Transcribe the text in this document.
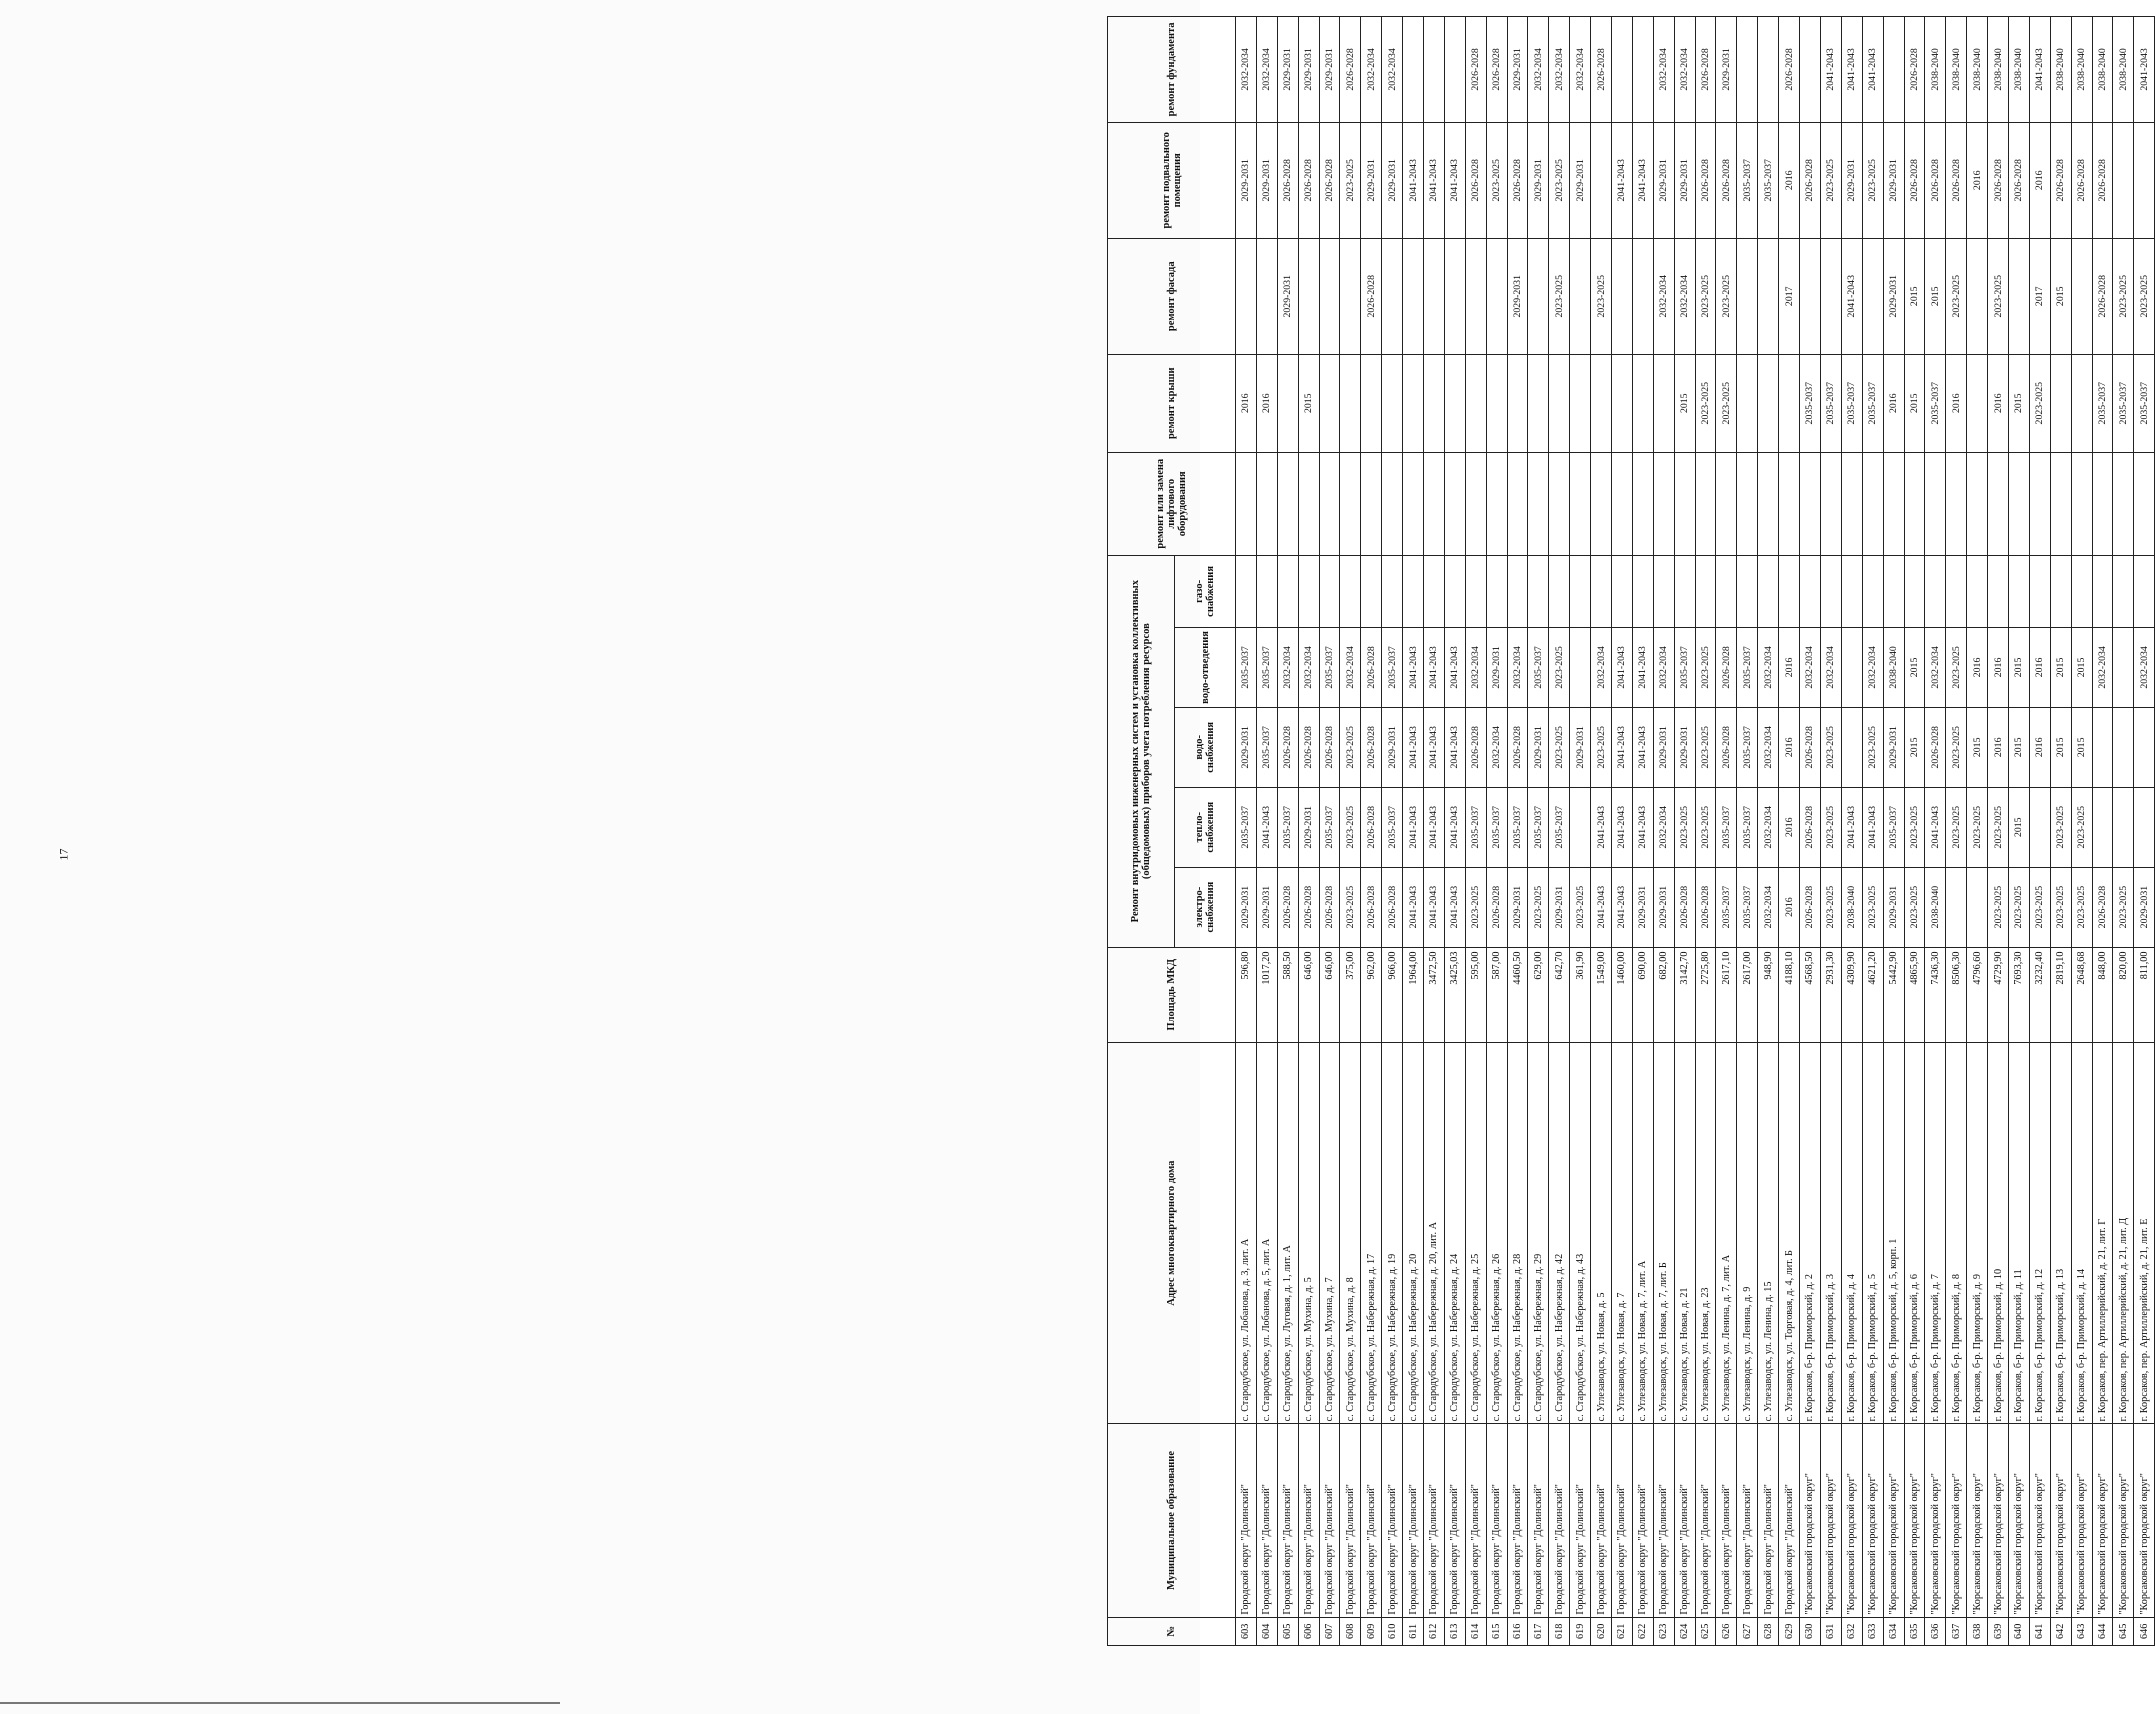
17
№	Муниципальное образование	Адрес многоквартирного дома	Площадь МКД	Ремонт внутридомовых инженерных систем и установка коллективных (общедомовых) приборов учета потребления ресурсов					ремонт или замена лифтового оборудования	ремонт крыши	ремонт фасада	ремонт подвального помещения	ремонт фундамента

				электро-снабжения	тепло-снабжения	водо-снабжения	водо-отведения	газо-снабжения					
603	Городской округ "Долинский"	с. Стародубское, ул. Лобанова, д. 3, лит. А	596,80	2029-2031	2035-2037	2029-2031	2035-2037			2016		2029-2031	2032-2034
604	Городской округ "Долинский"	с. Стародубское, ул. Лобанова, д. 5, лит. А	1017,20	2029-2031	2041-2043	2035-2037	2035-2037			2016		2029-2031	2032-2034
605	Городской округ "Долинский"	с. Стародубское, ул. Луговая, д. 1, лит. А	588,50	2026-2028	2035-2037	2026-2028	2032-2034				2029-2031	2026-2028	2029-2031
606	Городской округ "Долинский"	с. Стародубское, ул. Мухина, д. 5	646,00	2026-2028	2029-2031	2026-2028	2032-2034			2015		2026-2028	2029-2031
607	Городской округ "Долинский"	с. Стародубское, ул. Мухина, д. 7	646,00	2026-2028	2035-2037	2026-2028	2035-2037					2026-2028	2029-2031
608	Городской округ "Долинский"	с. Стародубское, ул. Мухина, д. 8	375,00	2023-2025	2023-2025	2023-2025	2032-2034					2023-2025	2026-2028
609	Городской округ "Долинский"	с. Стародубское, ул. Набережная, д. 17	962,00	2026-2028	2026-2028	2026-2028	2026-2028				2026-2028	2029-2031	2032-2034
610	Городской округ "Долинский"	с. Стародубское, ул. Набережная, д. 19	966,00	2026-2028	2035-2037	2029-2031	2035-2037					2029-2031	2032-2034
611	Городской округ "Долинский"	с. Стародубское, ул. Набережная, д. 20	1964,00	2041-2043	2041-2043	2041-2043	2041-2043					2041-2043	
612	Городской округ "Долинский"	с. Стародубское, ул. Набережная, д. 20, лит. А	3472,50	2041-2043	2041-2043	2041-2043	2041-2043					2041-2043	
613	Городской округ "Долинский"	с. Стародубское, ул. Набережная, д. 24	3425,03	2041-2043	2041-2043	2041-2043	2041-2043					2041-2043	
614	Городской округ "Долинский"	с. Стародубское, ул. Набережная, д. 25	595,00	2023-2025	2035-2037	2026-2028	2032-2034					2026-2028	2026-2028
615	Городской округ "Долинский"	с. Стародубское, ул. Набережная, д. 26	587,00	2026-2028	2035-2037	2032-2034	2029-2031					2023-2025	2026-2028
616	Городской округ "Долинский"	с. Стародубское, ул. Набережная, д. 28	4460,50	2029-2031	2035-2037	2026-2028	2032-2034				2029-2031	2026-2028	2029-2031
617	Городской округ "Долинский"	с. Стародубское, ул. Набережная, д. 29	629,00	2023-2025	2035-2037	2029-2031	2035-2037					2029-2031	2032-2034
618	Городской округ "Долинский"	с. Стародубское, ул. Набережная, д. 42	642,70	2029-2031	2035-2037	2023-2025	2023-2025				2023-2025	2023-2025	2032-2034
619	Городской округ "Долинский"	с. Стародубское, ул. Набережная, д. 43	361,90	2023-2025		2029-2031						2029-2031	2032-2034
620	Городской округ "Долинский"	с. Углезаводск, ул. Новая, д. 5	1549,00	2041-2043	2041-2043	2023-2025	2032-2034				2023-2025		2026-2028
621	Городской округ "Долинский"	с. Углезаводск, ул. Новая, д. 7	1460,00	2041-2043	2041-2043	2041-2043	2041-2043					2041-2043	
622	Городской округ "Долинский"	с. Углезаводск, ул. Новая, д. 7, лит. А	690,00	2029-2031	2041-2043	2041-2043	2041-2043					2041-2043	
623	Городской округ "Долинский"	с. Углезаводск, ул. Новая, д. 7, лит. Б	682,00	2029-2031	2032-2034	2029-2031	2032-2034				2032-2034	2029-2031	2032-2034
624	Городской округ "Долинский"	с. Углезаводск, ул. Новая, д. 21	3142,70	2026-2028	2023-2025	2029-2031	2035-2037			2015	2032-2034	2029-2031	2032-2034
625	Городской округ "Долинский"	с. Углезаводск, ул. Новая, д. 23	2725,80	2026-2028	2023-2025	2023-2025	2023-2025			2023-2025	2023-2025	2026-2028	2026-2028
626	Городской округ "Долинский"	с. Углезаводск, ул. Ленина, д. 7, лит. А	2617,10	2035-2037	2035-2037	2026-2028	2026-2028			2023-2025	2023-2025	2026-2028	2029-2031
627	Городской округ "Долинский"	с. Углезаводск, ул. Ленина, д. 9	2617,00	2035-2037	2035-2037	2035-2037	2035-2037					2035-2037	
628	Городской округ "Долинский"	с. Углезаводск, ул. Ленина, д. 15	948,90	2032-2034	2032-2034	2032-2034	2032-2034					2035-2037	
629	Городской округ "Долинский"	с. Углезаводск, ул. Торговая, д. 4, лит. Б	4188,10	2016	2016	2016	2016				2017	2016	2026-2028
630	"Корсаковский городской округ"	г. Корсаков, б-р. Приморский, д. 2	4568,50	2026-2028	2026-2028	2026-2028	2032-2034			2035-2037		2026-2028	
631	"Корсаковский городской округ"	г. Корсаков, б-р. Приморский, д. 3	2931,30	2023-2025	2023-2025	2023-2025	2032-2034			2035-2037		2023-2025	2041-2043
632	"Корсаковский городской округ"	г. Корсаков, б-р. Приморский, д. 4	4309,90	2038-2040	2041-2043					2035-2037	2041-2043	2029-2031	2041-2043
633	"Корсаковский городской округ"	г. Корсаков, б-р. Приморский, д. 5	4621,20	2023-2025	2041-2043	2023-2025	2032-2034			2035-2037		2023-2025	2041-2043
634	"Корсаковский городской округ"	г. Корсаков, б-р. Приморский, д. 5, корп. 1	5442,90	2029-2031	2035-2037	2029-2031	2038-2040			2016	2029-2031	2029-2031	
635	"Корсаковский городской округ"	г. Корсаков, б-р. Приморский, д. 6	4865,90	2023-2025	2023-2025	2015	2015			2015	2015	2026-2028	2026-2028
636	"Корсаковский городской округ"	г. Корсаков, б-р. Приморский, д. 7	7436,30	2038-2040	2041-2043	2026-2028	2032-2034			2035-2037	2015	2026-2028	2038-2040
637	"Корсаковский городской округ"	г. Корсаков, б-р. Приморский, д. 8	8506,30		2023-2025	2023-2025	2023-2025			2016	2023-2025	2026-2028	2038-2040
638	"Корсаковский городской округ"	г. Корсаков, б-р. Приморский, д. 9	4796,60		2023-2025	2015	2016					2016	2038-2040
639	"Корсаковский городской округ"	г. Корсаков, б-р. Приморский, д. 10	4729,90	2023-2025	2023-2025	2016	2016			2016	2023-2025	2026-2028	2038-2040
640	"Корсаковский городской округ"	г. Корсаков, б-р. Приморский, д. 11	7693,30	2023-2025	2015	2015	2015			2015		2026-2028	2038-2040
641	"Корсаковский городской округ"	г. Корсаков, б-р. Приморский, д. 12	3232,40	2023-2025		2016	2016			2023-2025	2017	2016	2041-2043
642	"Корсаковский городской округ"	г. Корсаков, б-р. Приморский, д. 13	2819,10	2023-2025	2023-2025	2015	2015				2015	2026-2028	2038-2040
643	"Корсаковский городской округ"	г. Корсаков, б-р. Приморский, д. 14	2648,68	2023-2025	2023-2025	2015	2015					2026-2028	2038-2040
644	"Корсаковский городской округ"	г. Корсаков, пер. Артиллерийский, д. 21, лит. Г	848,00	2026-2028			2032-2034			2035-2037	2026-2028	2026-2028	2038-2040
645	"Корсаковский городской округ"	г. Корсаков, пер. Артиллерийский, д. 21, лит. Д	820,00	2023-2025						2035-2037	2023-2025		2038-2040
646	"Корсаковский городской округ"	г. Корсаков, пер. Артиллерийский, д. 21, лит. Е	811,00	2029-2031			2032-2034			2035-2037	2023-2025		2041-2043
